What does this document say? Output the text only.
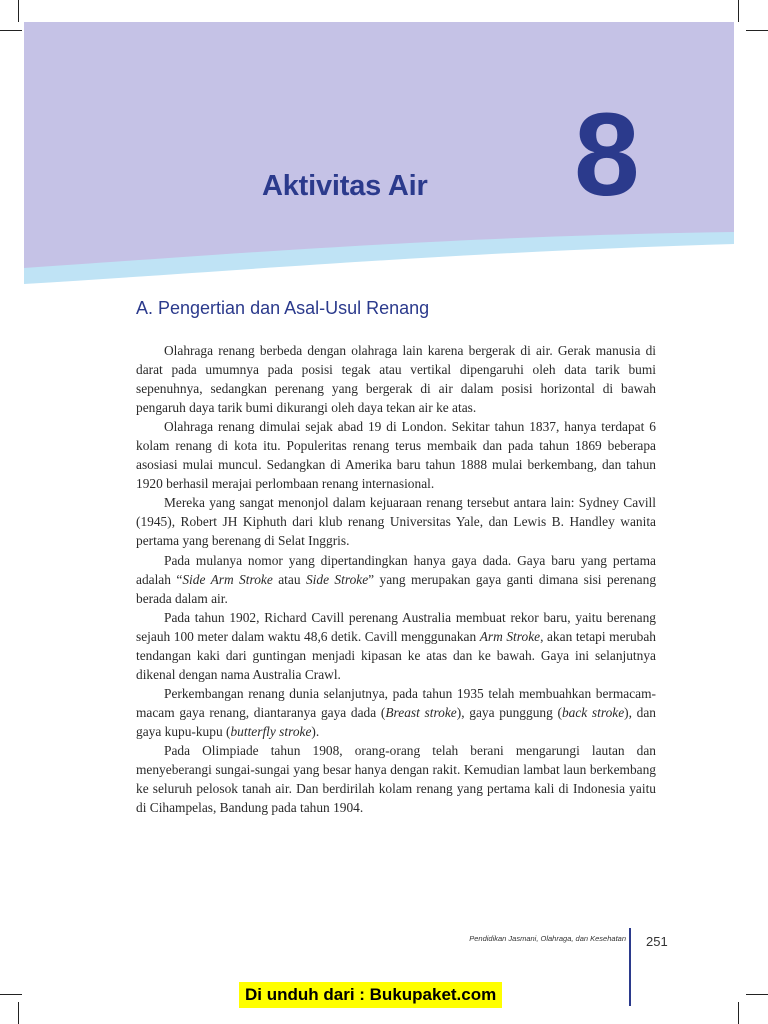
Aktivitas Air 8
A. Pengertian dan Asal-Usul Renang

Olahraga renang berbeda dengan olahraga lain karena bergerak di air. Gerak manusia di darat pada umumnya pada posisi tegak atau vertikal dipengaruhi oleh data tarik bumi sepenuhnya, sedangkan perenang yang bergerak di air dalam posisi horizontal di bawah pengaruh daya tarik bumi dikurangi oleh daya tekan air ke atas.

Olahraga renang dimulai sejak abad 19 di London. Sekitar tahun 1837, hanya terdapat 6 kolam renang di kota itu. Populeritas renang terus membaik dan pada tahun 1869 beberapa asosiasi mulai muncul. Sedangkan di Amerika baru tahun 1888 mulai berkembang, dan tahun 1920 berhasil merajai perlombaan renang internasional.

Mereka yang sangat menonjol dalam kejuaraan renang tersebut antara lain: Sydney Cavill (1945), Robert JH Kiphuth dari klub renang Universitas Yale, dan Lewis B. Handley wanita pertama yang berenang di Selat Inggris.

Pada mulanya nomor yang dipertandingkan hanya gaya dada. Gaya baru yang pertama adalah “Side Arm Stroke atau Side Stroke” yang merupakan gaya ganti dimana sisi perenang berada dalam air.

Pada tahun 1902, Richard Cavill perenang Australia membuat rekor baru, yaitu berenang sejauh 100 meter dalam waktu 48,6 detik. Cavill menggunakan Arm Stroke, akan tetapi merubah tendangan kaki dari guntingan menjadi kipasan ke atas dan ke bawah. Gaya ini selanjutnya dikenal dengan nama Australia Crawl.

Perkembangan renang dunia selanjutnya, pada tahun 1935 telah membuahkan bermacam-macam gaya renang, diantaranya gaya dada (Breast stroke), gaya punggung (back stroke), dan gaya kupu-kupu (butterfly stroke).

Pada Olimpiade tahun 1908, orang-orang telah berani mengarungi lautan dan menyeberangi sungai-sungai yang besar hanya dengan rakit. Kemudian lambat laun berkembang ke seluruh pelosok tanah air. Dan berdirilah kolam renang yang pertama kali di Indonesia yaitu di Cihampelas, Bandung pada tahun 1904.

Pendidikan Jasmani, Olahraga, dan Kesehatan 251
Di unduh dari : Bukupaket.com
